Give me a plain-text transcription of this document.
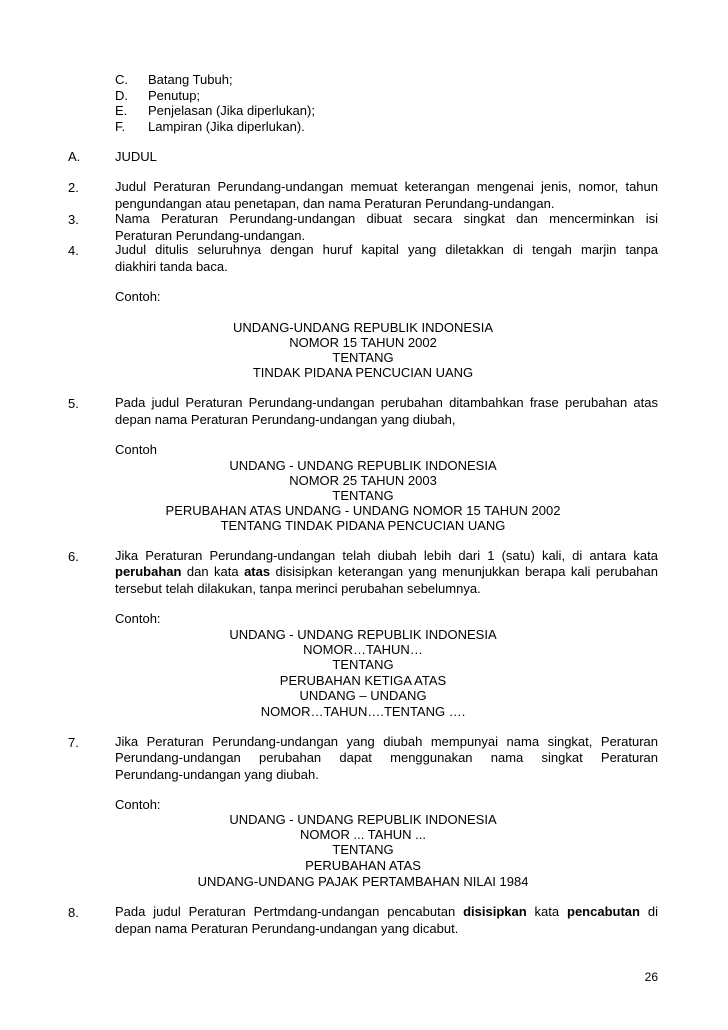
C. Batang Tubuh;
D. Penutup;
E. Penjelasan (Jika diperlukan);
F. Lampiran (Jika diperlukan).
A.	JUDUL
2.	Judul Peraturan Perundang-undangan memuat keterangan mengenai jenis, nomor, tahun
pengundangan atau penetapan, dan nama Peraturan Perundang-undangan.
3.	Nama Peraturan Perundang-undangan dibuat secara singkat dan mencerminkan isi
Peraturan Perundang-undangan.
4.	Judul ditulis seluruhnya dengan huruf kapital yang diletakkan di tengah marjin tanpa
diakhiri tanda baca.
Contoh:
UNDANG-UNDANG REPUBLIK INDONESIA
NOMOR 15 TAHUN 2002
TENTANG
TINDAK PIDANA PENCUCIAN UANG
5.	Pada judul Peraturan Perundang-undangan perubahan ditambahkan frase perubahan atas
depan nama Peraturan Perundang-undangan yang diubah,
Contoh
UNDANG - UNDANG REPUBLIK INDONESIA
NOMOR 25 TAHUN 2003
TENTANG
PERUBAHAN ATAS UNDANG - UNDANG NOMOR 15 TAHUN 2002
TENTANG TINDAK PIDANA PENCUCIAN UANG
6.	Jika Peraturan Perundang-undangan telah diubah lebih dari 1 (satu) kali, di antara kata
perubahan dan kata atas disisipkan keterangan yang menunjukkan berapa kali perubahan
tersebut telah dilakukan, tanpa merinci perubahan sebelumnya.
Contoh:
UNDANG - UNDANG REPUBLIK INDONESIA
NOMOR…TAHUN…
TENTANG
PERUBAHAN KETIGA ATAS
UNDANG – UNDANG
NOMOR…TAHUN….TENTANG ….
7.	Jika Peraturan Perundang-undangan yang diubah mempunyai nama singkat, Peraturan
Perundang-undangan perubahan dapat menggunakan nama singkat Peraturan
Perundang-undangan yang diubah.
Contoh:
UNDANG - UNDANG REPUBLIK INDONESIA
NOMOR ... TAHUN ...
TENTANG
PERUBAHAN ATAS
UNDANG-UNDANG PAJAK PERTAMBAHAN NILAI 1984
8.	Pada judul Peraturan Pertmdang-undangan pencabutan disisipkan kata pencabutan di
depan nama Peraturan Perundang-undangan yang dicabut.
26
